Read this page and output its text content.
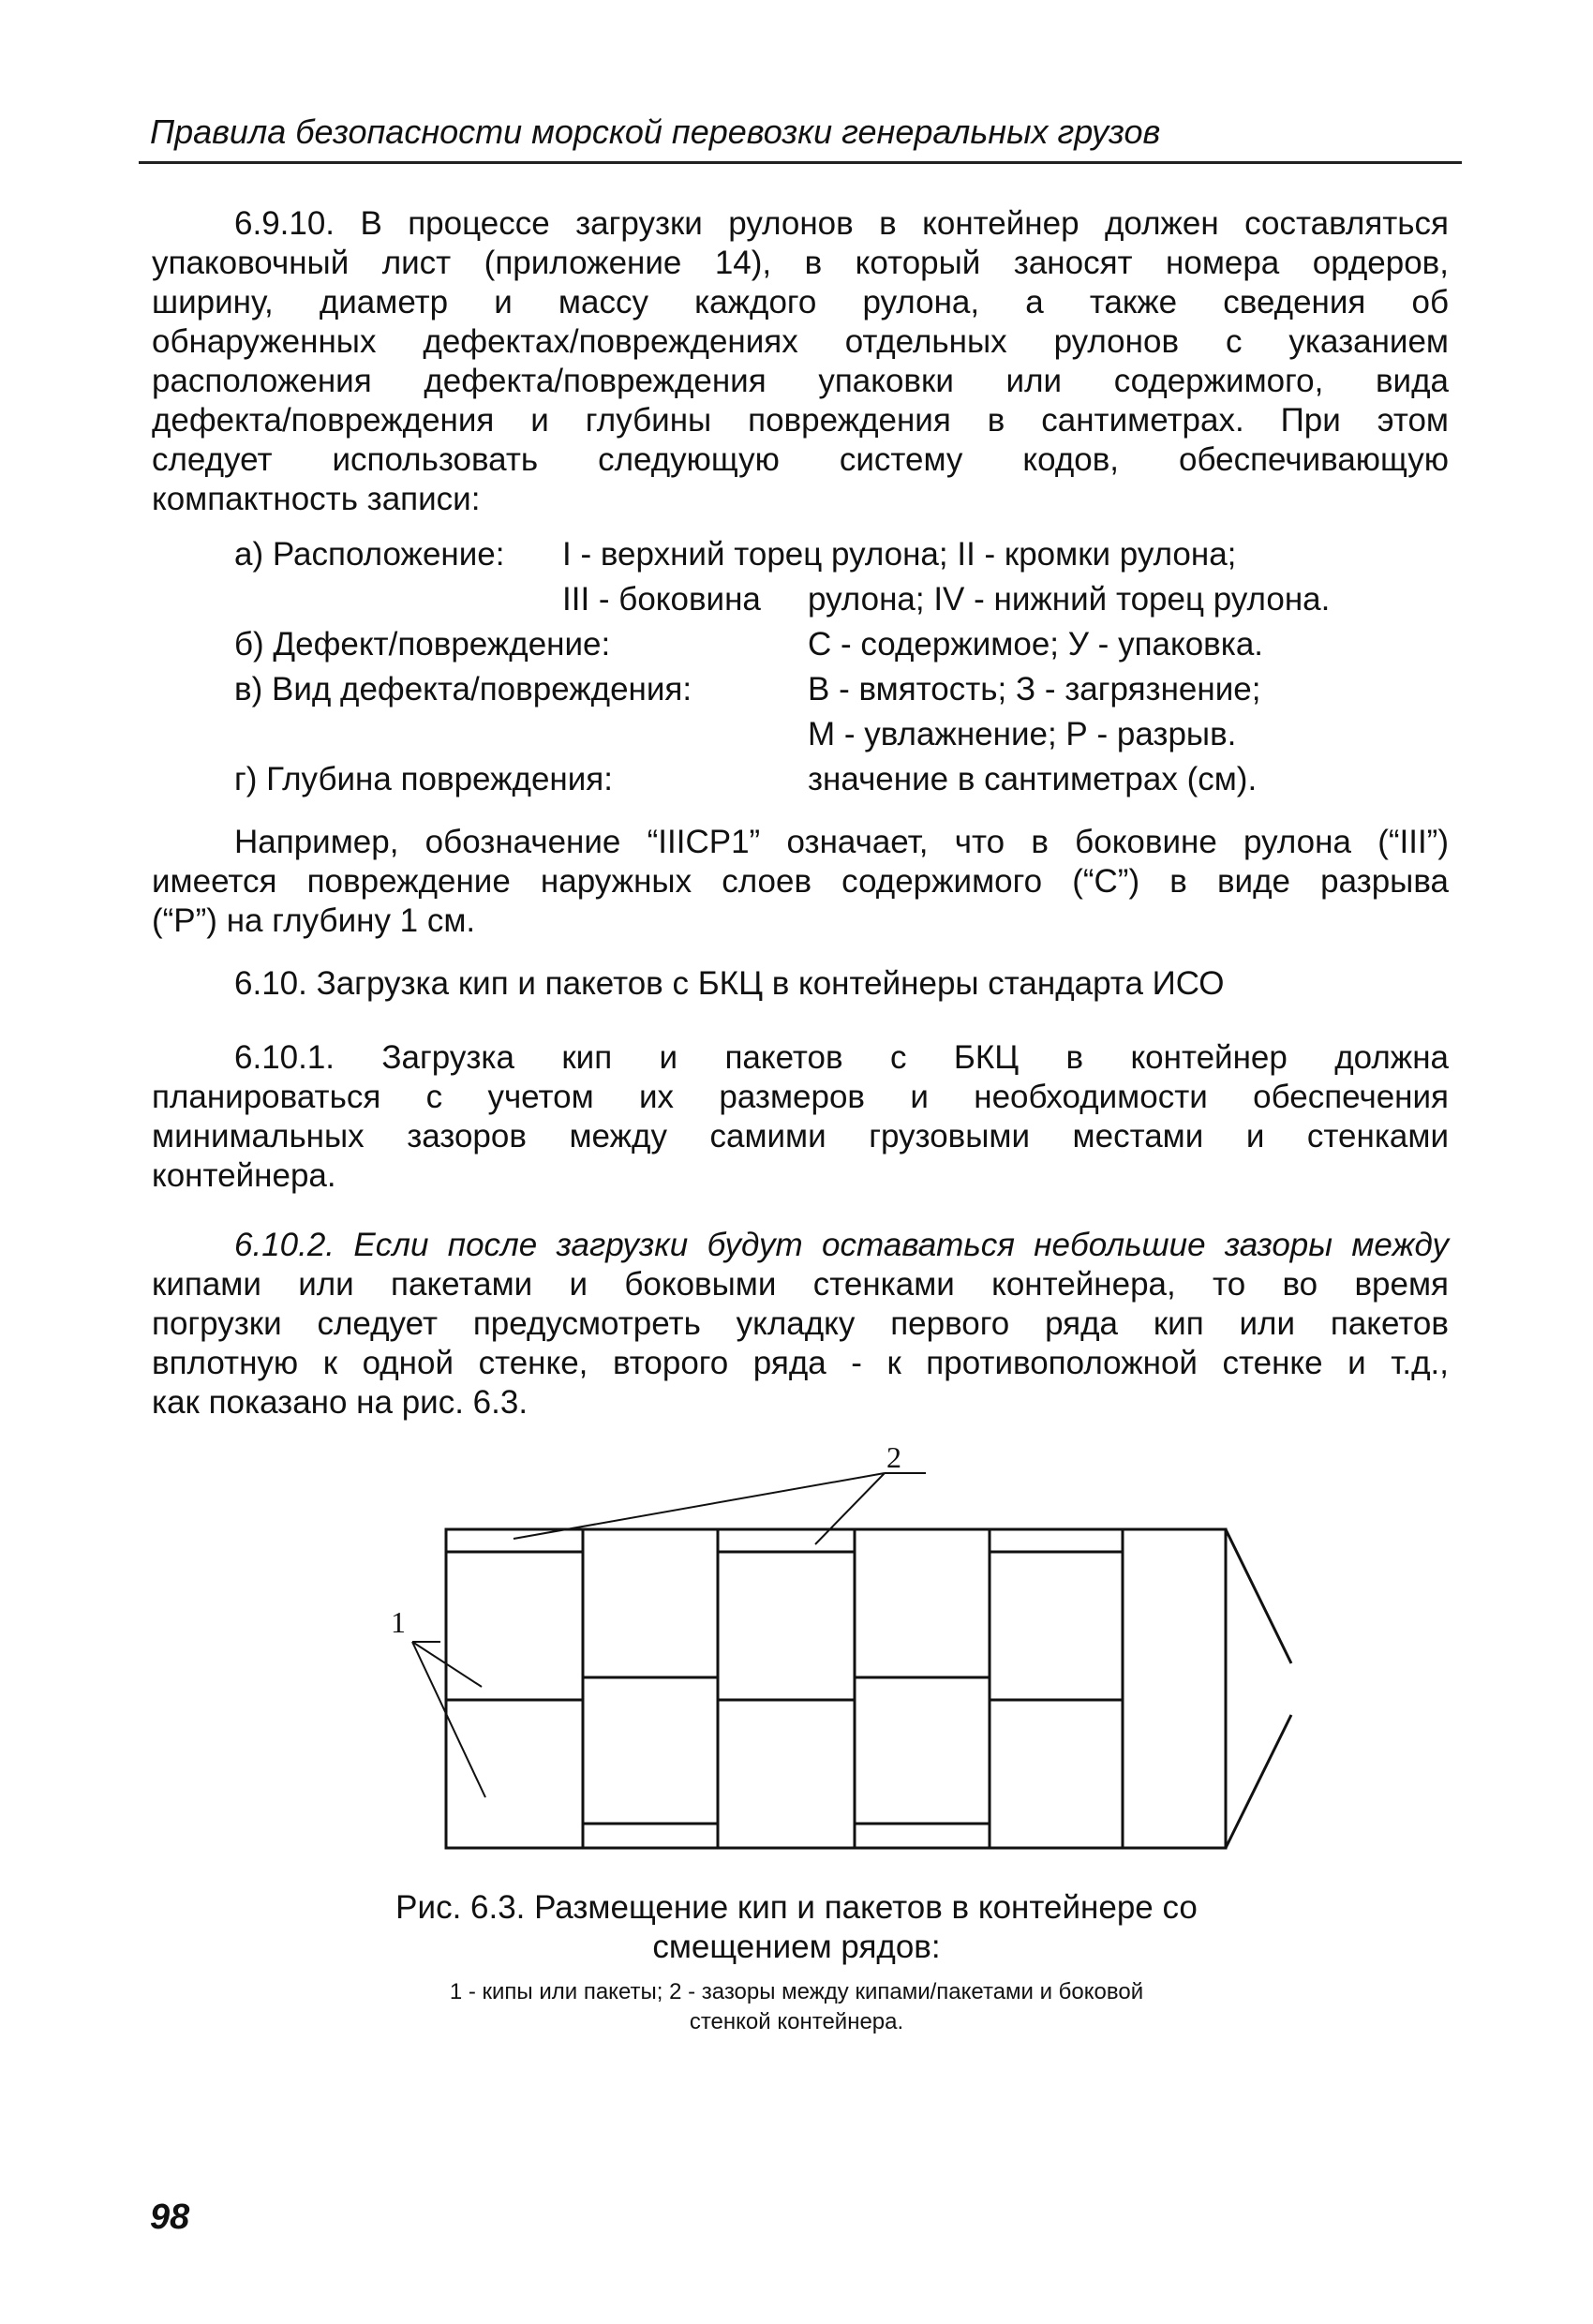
Правила безопасности морской перевозки генеральных грузов
6.9.10. В процессе загрузки рулонов в контейнер должен составляться
упаковочный лист (приложение 14), в который заносят номера ордеров,
ширину, диаметр и массу каждого рулона, а также сведения об
обнаруженных дефектах/повреждениях отдельных рулонов с указанием
расположения дефекта/повреждения упаковки или содержимого, вида
дефекта/повреждения и глубины повреждения в сантиметрах. При этом
следует использовать следующую систему кодов, обеспечивающую
компактность записи:
а) Расположение: I - верхний торец рулона; II - кромки рулона;
III - боковина рулона; IV - нижний торец рулона.
б) Дефект/повреждение:	С - содержимое; У - упаковка.
в) Вид дефекта/повреждения:	В - вмятость; З - загрязнение;
М - увлажнение; Р - разрыв.
г) Глубина повреждения:	значение в сантиметрах (см).
Например, обозначение “IIICP1” означает, что в боковине рулона (“III”)
имеется повреждение наружных слоев содержимого (“С”) в виде разрыва
(“Р”) на глубину 1 см.
6.10. Загрузка кип и пакетов с БКЦ в контейнеры стандарта ИСО
6.10.1. Загрузка кип и пакетов с БКЦ в контейнер должна
планироваться с учетом их размеров и необходимости обеспечения
минимальных зазоров между самими грузовыми местами и стенками
контейнера.
6.10.2. Если после загрузки будут оставаться небольшие зазоры между
кипами или пакетами и боковыми стенками контейнера, то во время
погрузки следует предусмотреть укладку первого ряда кип или пакетов
вплотную к одной стенке, второго ряда - к противоположной стенке и т.д.,
как показано на рис. 6.3.
1
2
Рис. 6.3. Размещение кип и пакетов в контейнере со
смещением рядов:
1 - кипы или пакеты; 2 - зазоры между кипами/пакетами и боковой
стенкой контейнера.
98
